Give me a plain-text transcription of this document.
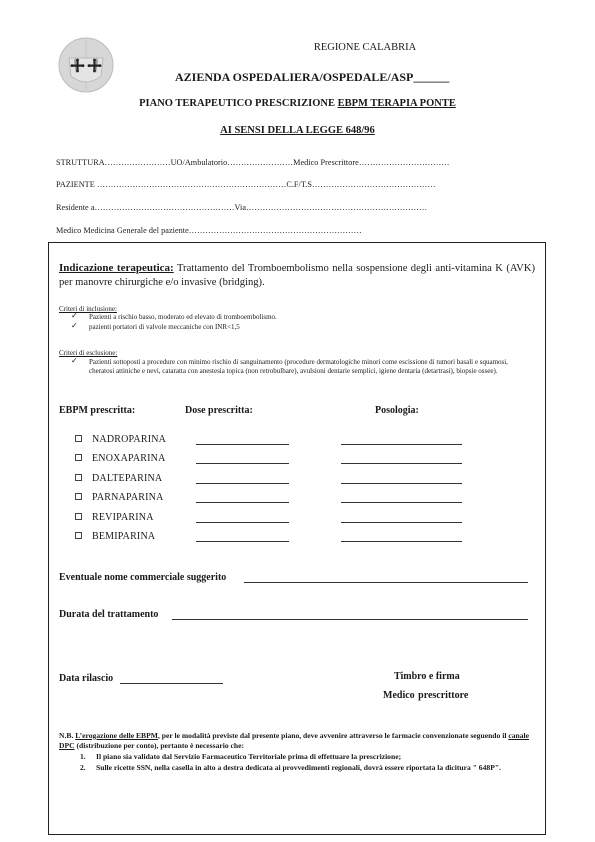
REGIONE CALABRIA
AZIENDA OSPEDALIERA/OSPEDALE/ASP______
PIANO TERAPEUTICO PRESCRIZIONE EBPM TERAPIA PONTE
AI SENSI DELLA LEGGE 648/96
STRUTTURA……………………UO/Ambulatorio……………………Medico Prescrittore……………………………
PAZIENTE ……………………………………………………………C.F/T.S………………………………………
Residente a……………………………………………Via…………………………………………………………
Medico Medicina Generale del paziente………………………………………………………
Indicazione terapeutica: Trattamento del Tromboembolismo nella sospensione degli anti-vitamina K (AVK) per manovre chirurgiche e/o invasive (bridging).
Criteri di inclusione:
✓ Pazienti a rischio basso, moderato ed elevato di tromboembolismo.
✓ pazienti portatori di valvole meccaniche con INR<1,5
Criteri di esclusione:
✓ Pazienti sottoposti a procedure con minimo rischio di sanguinamento (procedure dermatologiche minori come escissione di tumori basali e squamosi, cheratosi attiniche e nevi, cataratta con anestesia topica (non retrobulbare), avulsioni dentarie semplici, igiene dentaria (detartrasi), biopsie ossee).
EBPM prescritta:	Dose prescritta:	Posologia:
NADROPARINA
ENOXAPARINA
DALTEPARINA
PARNAPARINA
REVIPARINA
BEMIPARINA
Eventuale nome commerciale suggerito
Durata del trattamento
Data rilascio	Timbro e firma
Medico prescrittore
N.B. L’erogazione delle EBPM, per le modalità previste dal presente piano, deve avvenire attraverso le farmacie convenzionate seguendo il canale DPC (distribuzione per conto), pertanto è necessario che:
1. Il piano sia validato dal Servizio Farmaceutico Territoriale prima di effettuare la prescrizione;
2. Sulle ricette SSN, nella casella in alto a destra dedicata ai provvedimenti regionali, dovrà essere riportata la dicitura " 648P".
